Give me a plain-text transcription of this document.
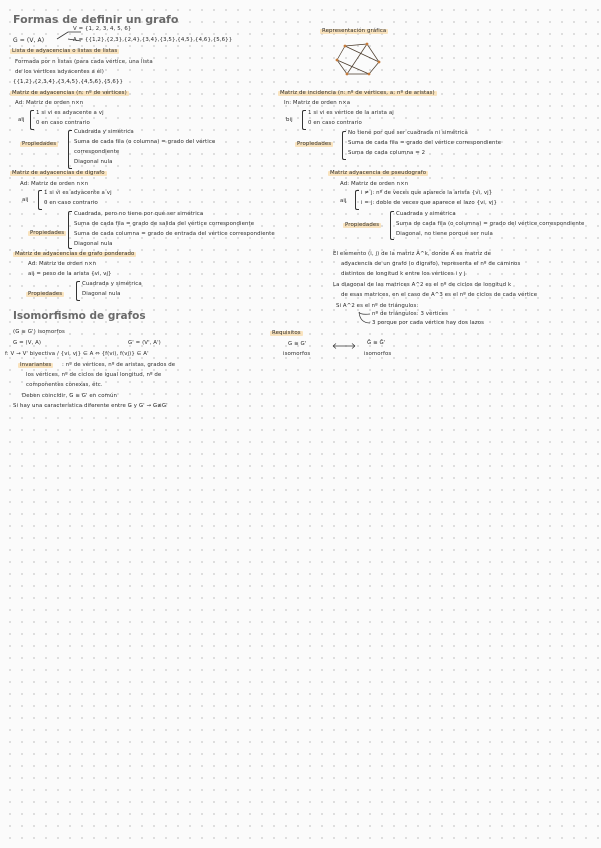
Formas de definir un grafo
G = (V, A)
V = {1, 2, 3, 4, 5, 6}
A = {{1,2},{2,3},{2,4},{3,4},{3,5},{4,5},{4,6},{5,6}}
Lista de adyacencias o listas de listas
Formada por n listas (para cada vértice, una lista
de los vértices adyacentes a él)
{{1,2},{2,3,4},{3,4,5},{4,5,6},{5,6}}
Matriz de adyacencias (n: nº de vértices)
Ad: Matriz de orden n×n
aij
1 si vi es adyacente a vj
0 en caso contrario
Propiedades
Cuadrada y simétrica
Suma de cada fila (o columna) = grado del vértice
correspondiente
Diagonal nula
Matriz de adyacencias de digrafo
Ad: Matriz de orden n×n
aij
1 si vi es adyacente a vj
0 en caso contrario
Propiedades
Cuadrada, pero no tiene por qué ser simétrica
Suma de cada fila = grado de salida del vértice correspondiente
Suma de cada columna = grado de entrada del vértice correspondiente
Diagonal nula
Matriz de adyacencias de grafo ponderado
Ad: Matriz de orden n×n
aij = peso de la arista {vi, vj}
Propiedades
Cuadrada y simétrica
Diagonal nula
Isomorfismo de grafos
(G ≅ G') isomorfos
G = (V, A)	G' = (V', A')
f: V → V' biyectiva / {vi, vj} ∈ A ⇔ {f(vi), f(vj)} ∈ A'
Invariantes	: nº de vértices, nº de aristas, grados de
los vértices, nº de ciclos de igual longitud, nº de
componentes conexas, etc.
Deben coincidir, G ≅ G' en común
Si hay una característica diferente entre G y G' → G≇G'
Representación gráfica
Matriz de incidencia (n: nº de vértices, a: nº de aristas)
In: Matriz de orden n×a
bij
1 si vi es vértice de la arista aj
0 en caso contrario
Propiedades
No tiene por qué ser cuadrada ni simétrica
Suma de cada fila = grado del vértice correspondiente
Suma de cada columna = 2
Matriz adyacencia de pseudografo
Ad: Matriz de orden n×n
aij
i ≠ j: nº de veces que aparece la arista {vi, vj}
i = j: doble de veces que aparece el lazo {vi, vj}
Propiedades
Cuadrada y simétrica
Suma de cada fila (o columna) = grado del vértice correspondiente
Diagonal, no tiene porqué ser nula
El elemento (i, j) de la matriz A^k, donde A es matriz de
adyacencia de un grafo (o digrafo), representa el nº de caminos
distintos de longitud k entre los vértices i y j
La diagonal de las matrices A^2 es el nº de ciclos de longitud k
de esas matrices, en el caso de A^3 es el nº de ciclos de cada vértice
Si A^2 es el nº de triángulos:
nº de triángulos: 3 vértices
3 porque por cada vértice hay dos lazos
Requisitos
G ≅ G'
isomorfos
Ḡ ≅ Ḡ'
isomorfos
